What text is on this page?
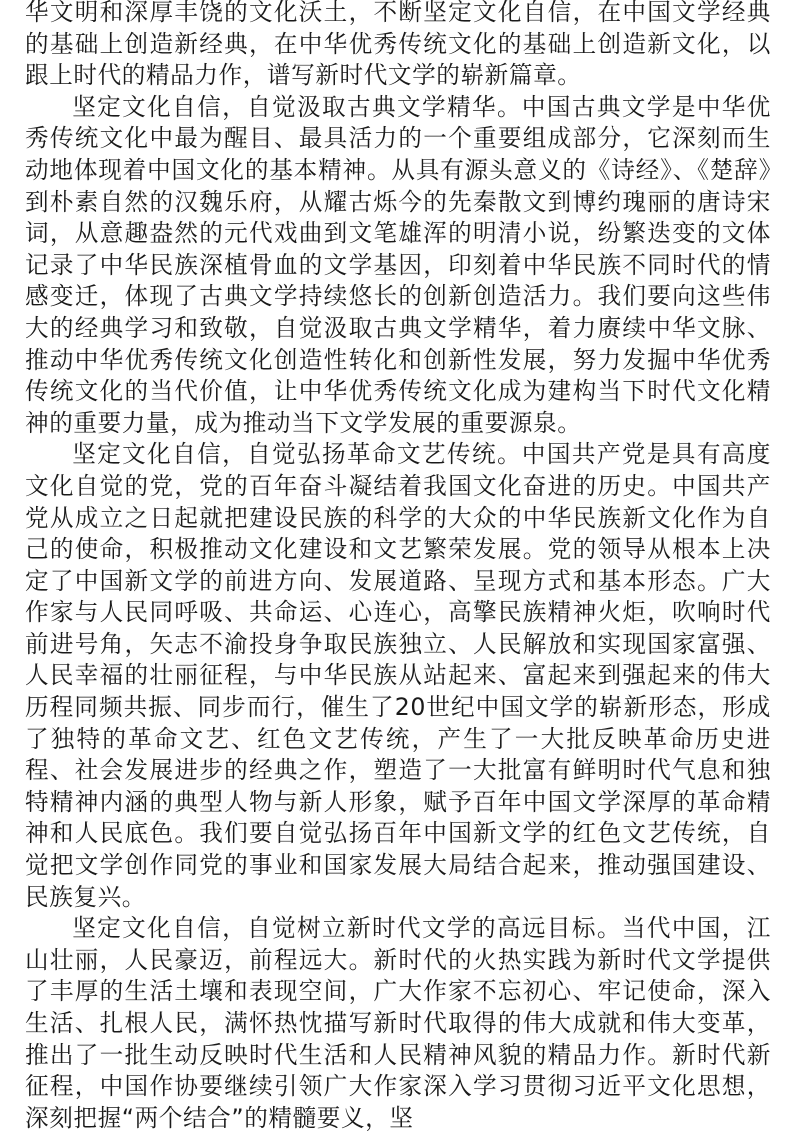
华文明和深厚丰饶的文化沃土，不断坚定文化自信，在中国文学经典的基础上创造新经典，在中华优秀传统文化的基础上创造新文化，以跟上时代的精品力作，谱写新时代文学的崭新篇章。

坚定文化自信，自觉汲取古典文学精华。中国古典文学是中华优秀传统文化中最为醒目、最具活力的一个重要组成部分，它深刻而生动地体现着中国文化的基本精神。从具有源头意义的《诗经》、《楚辞》到朴素自然的汉魏乐府，从耀古烁今的先秦散文到博约瑰丽的唐诗宋词，从意趣盎然的元代戏曲到文笔雄浑的明清小说，纷繁迭变的文体记录了中华民族深植骨血的文学基因，印刻着中华民族不同时代的情感变迁，体现了古典文学持续悠长的创新创造活力。我们要向这些伟大的经典学习和致敬，自觉汲取古典文学精华，着力赓续中华文脉、推动中华优秀传统文化创造性转化和创新性发展，努力发掘中华优秀传统文化的当代价值，让中华优秀传统文化成为建构当下时代文化精神的重要力量，成为推动当下文学发展的重要源泉。

坚定文化自信，自觉弘扬革命文艺传统。中国共产党是具有高度文化自觉的党，党的百年奋斗凝结着我国文化奋进的历史。中国共产党从成立之日起就把建设民族的科学的大众的中华民族新文化作为自己的使命，积极推动文化建设和文艺繁荣发展。党的领导从根本上决定了中国新文学的前进方向、发展道路、呈现方式和基本形态。广大作家与人民同呼吸、共命运、心连心，高擎民族精神火炬，吹响时代前进号角，矢志不渝投身争取民族独立、人民解放和实现国家富强、人民幸福的壮丽征程，与中华民族从站起来、富起来到强起来的伟大历程同频共振、同步而行，催生了20世纪中国文学的崭新形态，形成了独特的革命文艺、红色文艺传统，产生了一大批反映革命历史进程、社会发展进步的经典之作，塑造了一大批富有鲜明时代气息和独特精神内涵的典型人物与新人形象，赋予百年中国文学深厚的革命精神和人民底色。我们要自觉弘扬百年中国新文学的红色文艺传统，自觉把文学创作同党的事业和国家发展大局结合起来，推动强国建设、民族复兴。

坚定文化自信，自觉树立新时代文学的高远目标。当代中国，江山壮丽，人民豪迈，前程远大。新时代的火热实践为新时代文学提供了丰厚的生活土壤和表现空间，广大作家不忘初心、牢记使命，深入生活、扎根人民，满怀热忱描写新时代取得的伟大成就和伟大变革，推出了一批生动反映时代生活和人民精神风貌的精品力作。新时代新征程，中国作协要继续引领广大作家深入学习贯彻习近平文化思想，深刻把握“两个结合”的精髓要义，坚
